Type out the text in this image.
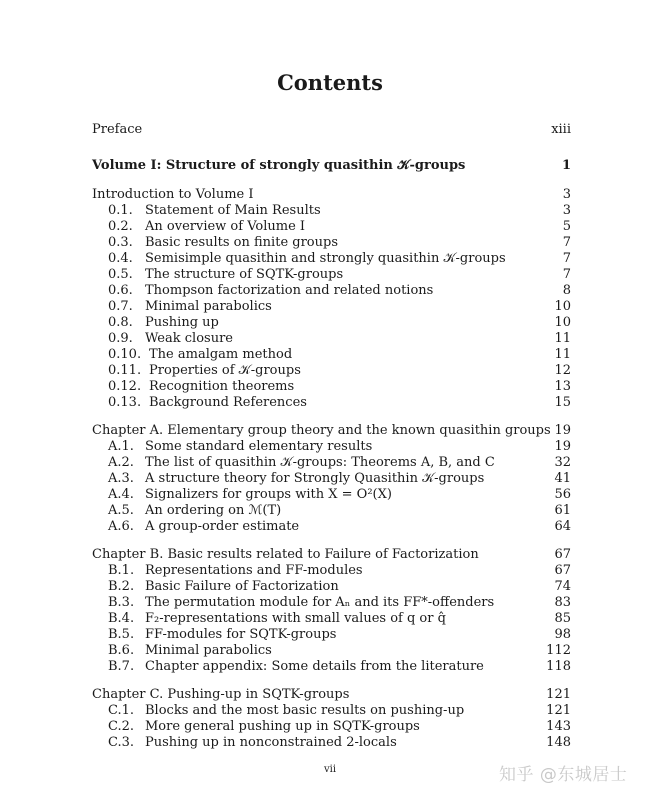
Contents
Preface	xiii
Volume I: Structure of strongly quasithin 𝒦-groups	1
Introduction to Volume I	3
0.1. Statement of Main Results	3
0.2. An overview of Volume I	5
0.3. Basic results on finite groups	7
0.4. Semisimple quasithin and strongly quasithin 𝒦-groups	7
0.5. The structure of SQTK-groups	7
0.6. Thompson factorization and related notions	8
0.7. Minimal parabolics	10
0.8. Pushing up	10
0.9. Weak closure	11
0.10. The amalgam method	11
0.11. Properties of 𝒦-groups	12
0.12. Recognition theorems	13
0.13. Background References	15
Chapter A. Elementary group theory and the known quasithin groups 19
A.1. Some standard elementary results	19
A.2. The list of quasithin 𝒦-groups: Theorems A, B, and C	32
A.3. A structure theory for Strongly Quasithin 𝒦-groups	41
A.4. Signalizers for groups with X = O²(X)	56
A.5. An ordering on ℳ(T)	61
A.6. A group-order estimate	64
Chapter B. Basic results related to Failure of Factorization	67
B.1. Representations and FF-modules	67
B.2. Basic Failure of Factorization	74
B.3. The permutation module for Aₙ and its FF*-offenders	83
B.4. F₂-representations with small values of q or q̂	85
B.5. FF-modules for SQTK-groups	98
B.6. Minimal parabolics	112
B.7. Chapter appendix: Some details from the literature	118
Chapter C. Pushing-up in SQTK-groups	121
C.1. Blocks and the most basic results on pushing-up	121
C.2. More general pushing up in SQTK-groups	143
C.3. Pushing up in nonconstrained 2-locals	148
vii	知乎 @东城居士
